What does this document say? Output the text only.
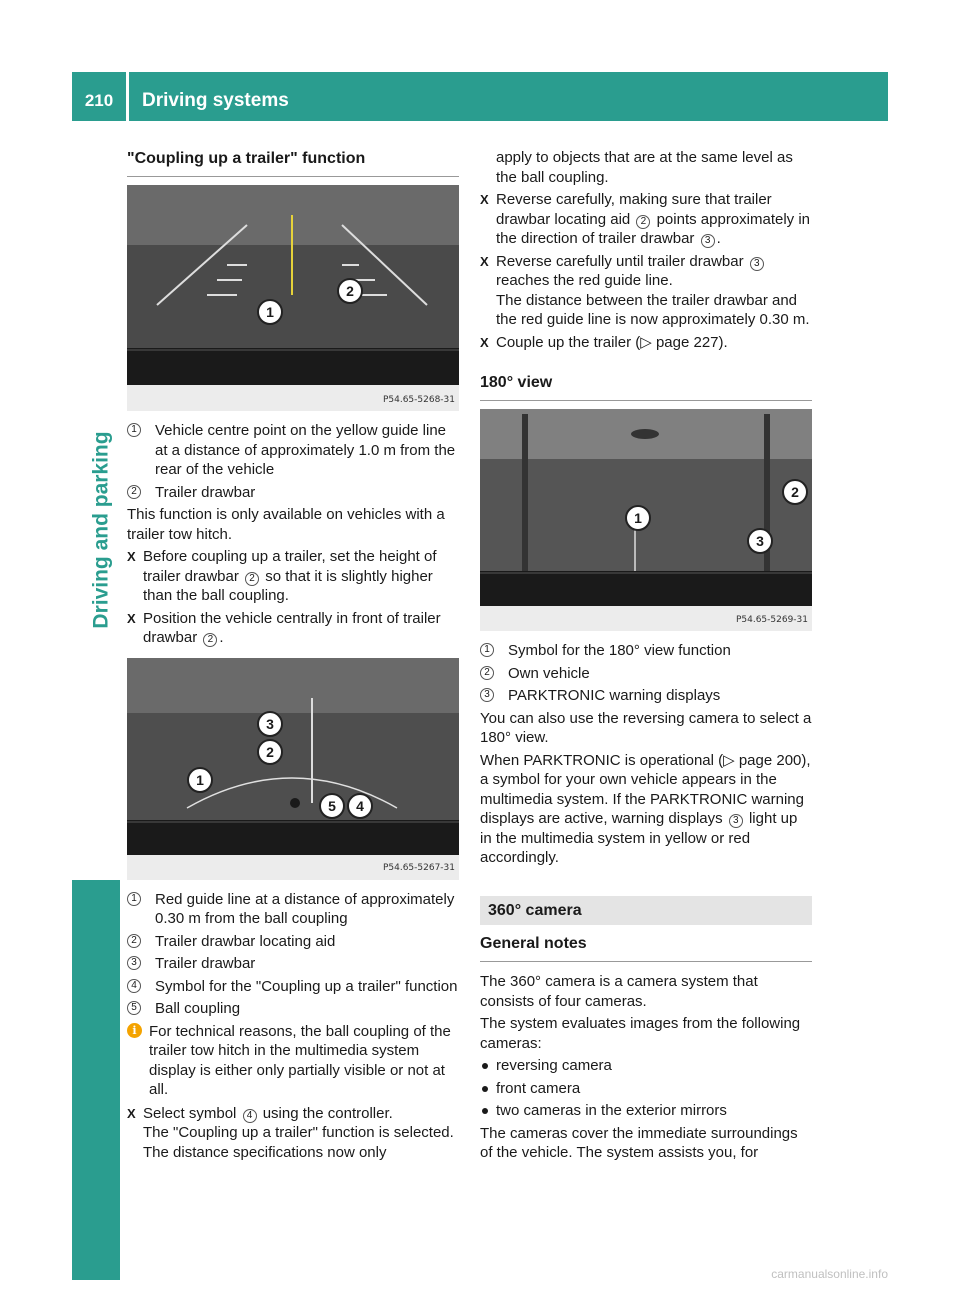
210	Driving systems
Driving and parking
"Coupling up a trailer" function
1
2
P54.65-5268-31
1 Vehicle centre point on the yellow guide line at a distance of approximately 1.0 m from the rear of the vehicle
2 Trailer drawbar
This function is only available on vehicles with a trailer tow hitch.
X Before coupling up a trailer, set the height of trailer drawbar 2 so that it is slightly higher than the ball coupling.
X Position the vehicle centrally in front of trailer drawbar 2 .
3
2
1
5	4
P54.65-5267-31
1 Red guide line at a distance of approximately 0.30 m from the ball coupling
2 Trailer drawbar locating aid
3 Trailer drawbar
4 Symbol for the "Coupling up a trailer" function
5 Ball coupling
i For technical reasons, the ball coupling of the trailer tow hitch in the multimedia system display is either only partially visible or not at all.
X Select symbol 4 using the controller.
The "Coupling up a trailer" function is selected. The distance specifications now only
apply to objects that are at the same level as the ball coupling.
X Reverse carefully, making sure that trailer drawbar locating aid 2 points approximately in the direction of trailer drawbar 3 .
X Reverse carefully until trailer drawbar 3 reaches the red guide line.
The distance between the trailer drawbar and the red guide line is now approximately 0.30 m.
X Couple up the trailer (▷ page 227).
180° view
1
2
3
P54.65-5269-31
1 Symbol for the 180° view function
2 Own vehicle
3 PARKTRONIC warning displays
You can also use the reversing camera to select a 180° view.
When PARKTRONIC is operational (▷ page 200), a symbol for your own vehicle appears in the multimedia system. If the PARKTRONIC warning displays are active, warning displays 3 light up in the multimedia system in yellow or red accordingly.
360° camera
General notes
The 360° camera is a camera system that consists of four cameras.
The system evaluates images from the following cameras:
reversing camera
front camera
two cameras in the exterior mirrors
The cameras cover the immediate surroundings of the vehicle. The system assists you, for
carmanualsonline.info
